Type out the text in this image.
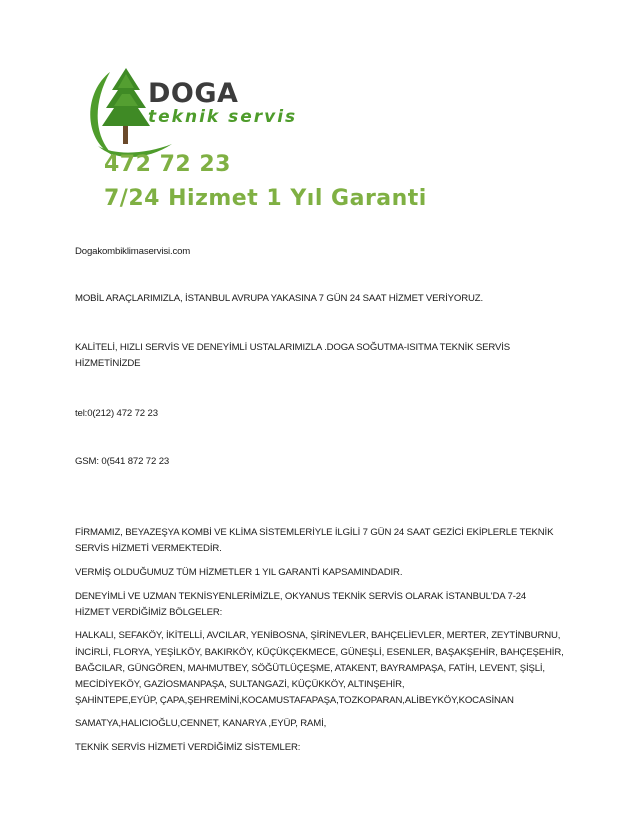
DOGA
teknik servis
472 72 23
7/24 Hizmet 1 Yıl Garanti
Dogakombiklimaservisi.com
MOBİL ARAÇLARIMIZLA, İSTANBUL AVRUPA YAKASINA 7 GÜN 24 SAAT HİZMET VERİYORUZ.
KALİTELİ, HIZLI SERVİS VE DENEYİMLİ USTALARIMIZLA .DOGA SOĞUTMA-ISITMA TEKNİK SERVİS
HİZMETİNİZDE
tel:0(212) 472 72 23
GSM: 0(541 872 72 23
FİRMAMIZ, BEYAZEŞYA KOMBİ VE KLİMA SİSTEMLERİYLE İLGİLİ 7 GÜN 24 SAAT GEZİCİ EKİPLERLE TEKNİK
SERVİS HİZMETİ VERMEKTEDİR.
VERMİŞ OLDUĞUMUZ TÜM HİZMETLER 1 YIL GARANTİ KAPSAMINDADIR.
DENEYİMLİ VE UZMAN TEKNİSYENLERİMİZLE, OKYANUS TEKNİK SERVİS OLARAK İSTANBUL'DA 7-24
HİZMET VERDİĞİMİZ BÖLGELER:
HALKALI, SEFAKÖY, İKİTELLİ, AVCILAR, YENİBOSNA, ŞİRİNEVLER, BAHÇELİEVLER, MERTER, ZEYTİNBURNU,
İNCİRLİ, FLORYA, YEŞİLKÖY, BAKIRKÖY, KÜÇÜKÇEKMECE, GÜNEŞLİ, ESENLER, BAŞAKŞEHİR, BAHÇEŞEHİR,
BAĞCILAR, GÜNGÖREN, MAHMUTBEY, SÖĞÜTLÜÇEŞME, ATAKENT, BAYRAMPAŞA, FATİH, LEVENT, ŞİŞLİ,
MECİDİYEKÖY, GAZİOSMANPAŞA, SULTANGAZİ, KÜÇÜKKÖY, ALTINŞEHİR,
ŞAHİNTEPE,EYÜP, ÇAPA,ŞEHREMİNİ,KOCAMUSTAFAPAŞA,TOZKOPARAN,ALİBEYKÖY,KOCASİNAN
SAMATYA,HALICIOĞLU,CENNET, KANARYA ,EYÜP, RAMİ,
TEKNİK SERVİS HİZMETİ VERDİĞİMİZ SİSTEMLER:
